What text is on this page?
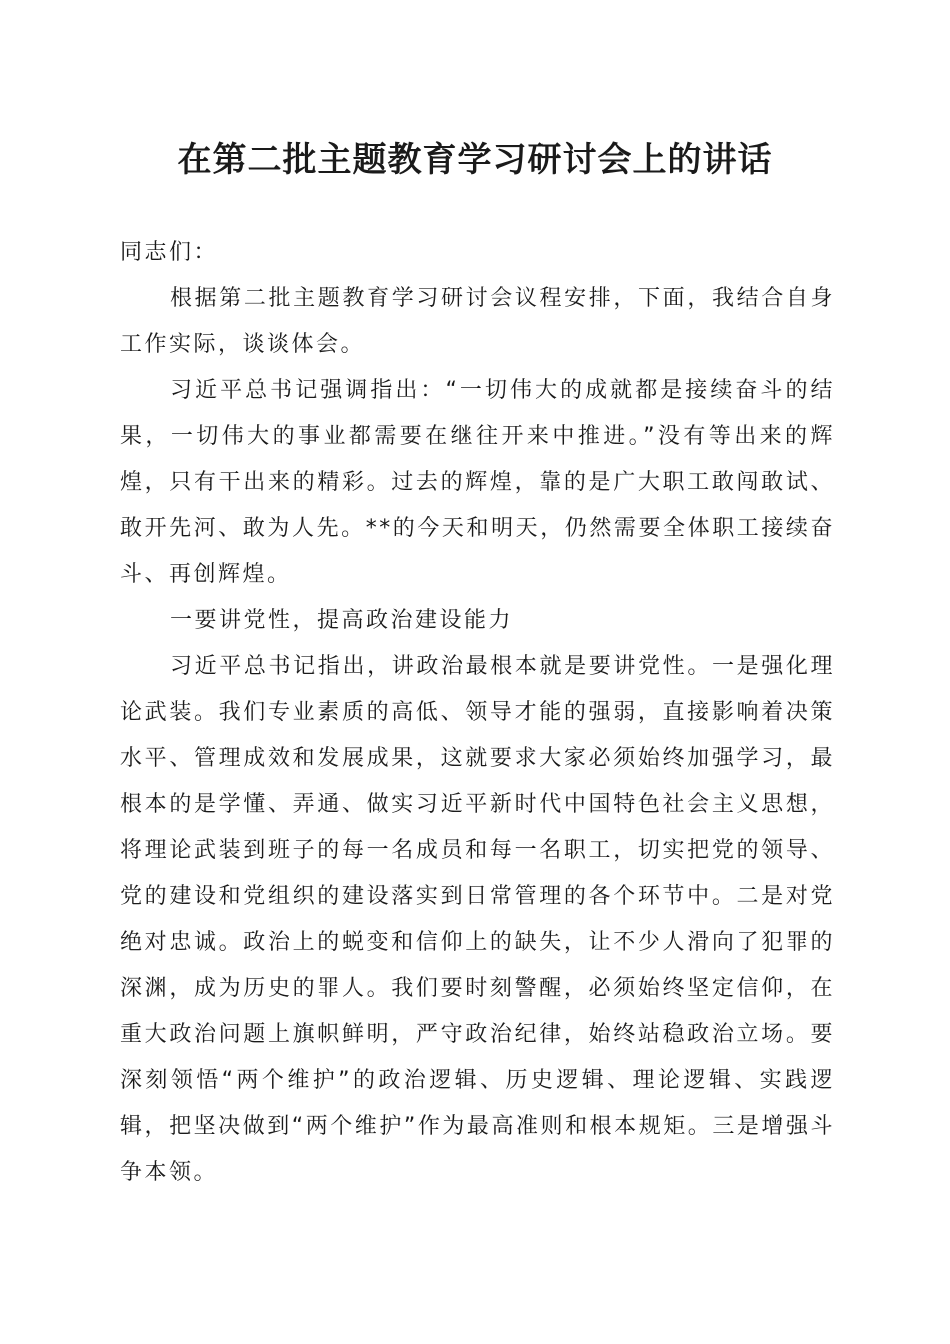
在第二批主题教育学习研讨会上的讲话

同志们：

根据第二批主题教育学习研讨会议程安排，下面，我结合自身工作实际，谈谈体会。

习近平总书记强调指出：“一切伟大的成就都是接续奋斗的结果，一切伟大的事业都需要在继往开来中推进。”没有等出来的辉煌，只有干出来的精彩。过去的辉煌，靠的是广大职工敢闯敢试、敢开先河、敢为人先。**的今天和明天，仍然需要全体职工接续奋斗、再创辉煌。

一要讲党性，提高政治建设能力

习近平总书记指出，讲政治最根本就是要讲党性。一是强化理论武装。我们专业素质的高低、领导才能的强弱，直接影响着决策水平、管理成效和发展成果，这就要求大家必须始终加强学习，最根本的是学懂、弄通、做实习近平新时代中国特色社会主义思想，将理论武装到班子的每一名成员和每一名职工，切实把党的领导、党的建设和党组织的建设落实到日常管理的各个环节中。二是对党绝对忠诚。政治上的蜕变和信仰上的缺失，让不少人滑向了犯罪的深渊，成为历史的罪人。我们要时刻警醒，必须始终坚定信仰，在重大政治问题上旗帜鲜明，严守政治纪律，始终站稳政治立场。要深刻领悟“两个维护”的政治逻辑、历史逻辑、理论逻辑、实践逻辑，把坚决做到“两个维护”作为最高准则和根本规矩。三是增强斗争本领。
